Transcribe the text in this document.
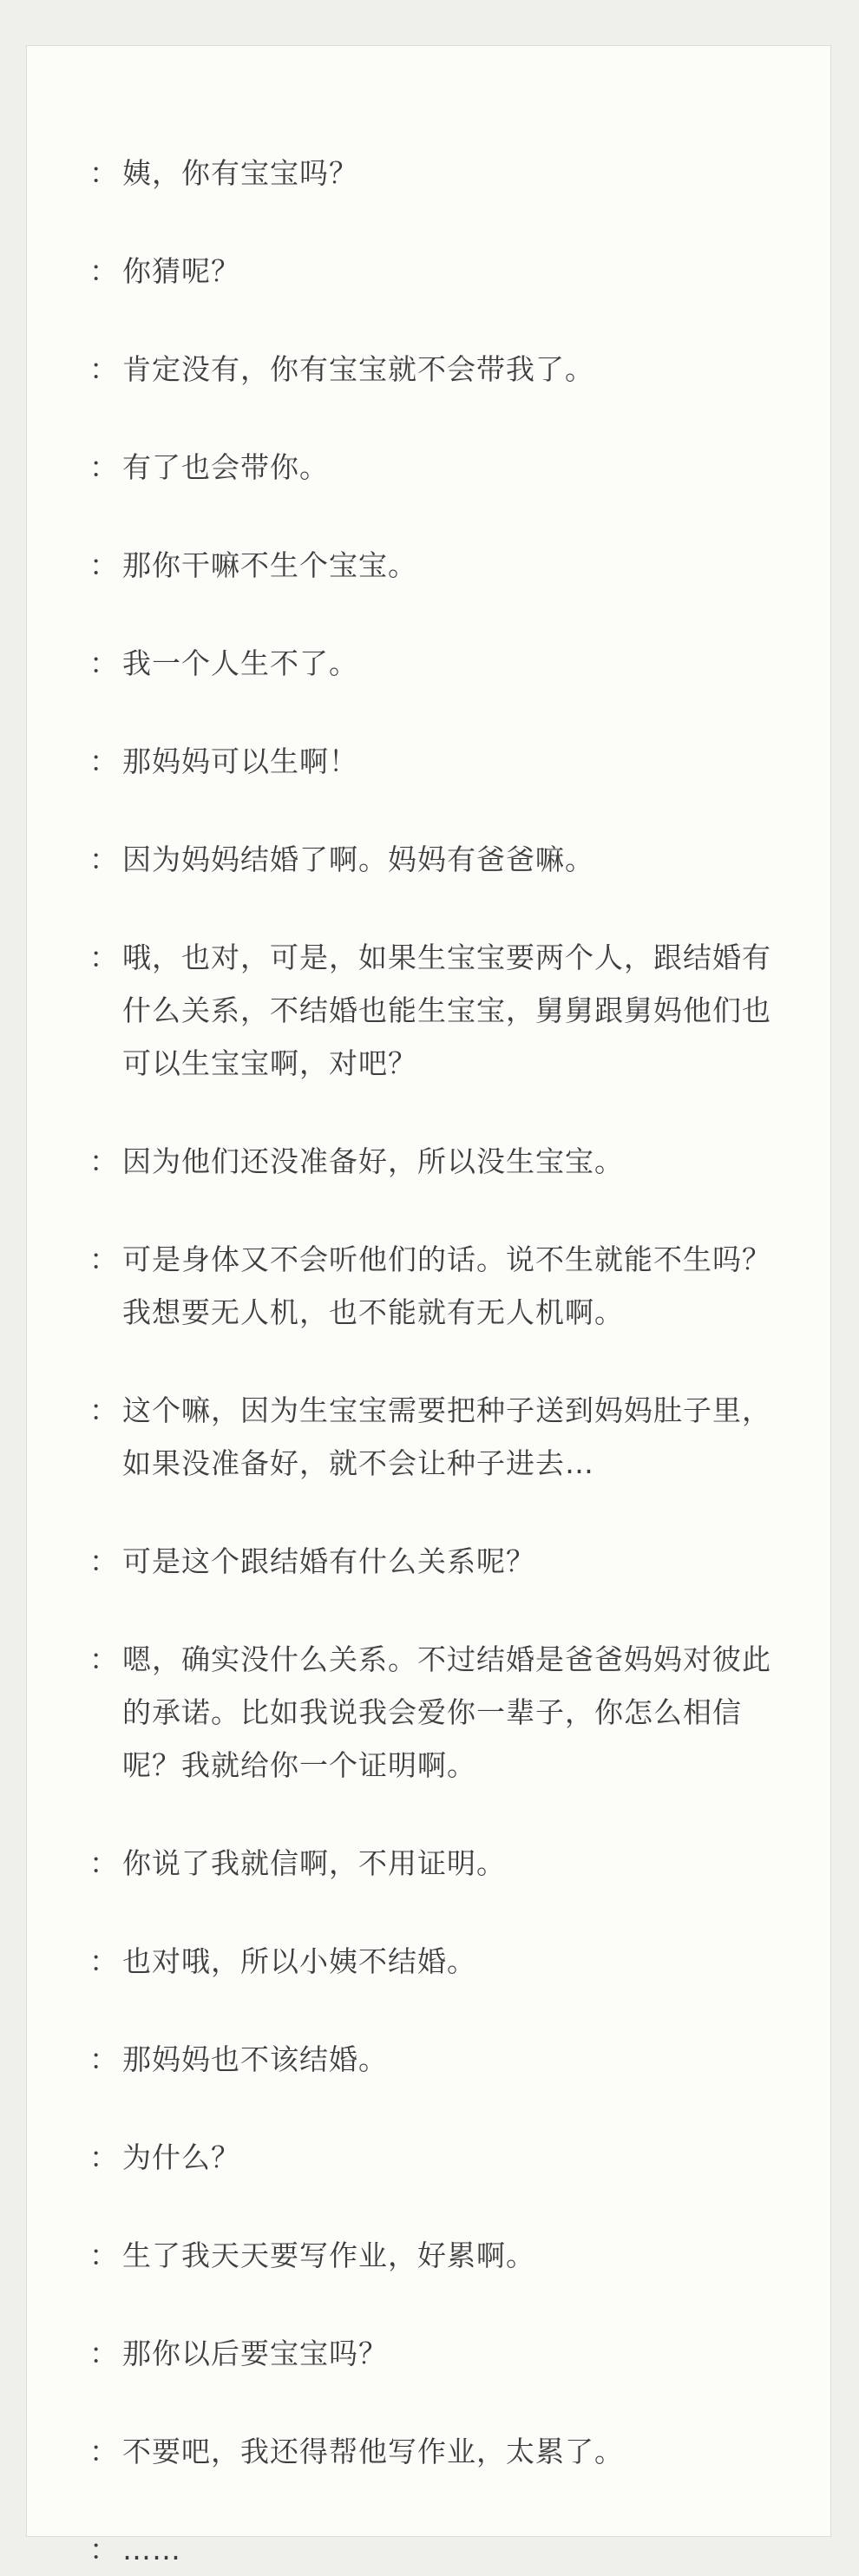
： 姨，你有宝宝吗？
： 你猜呢？
： 肯定没有，你有宝宝就不会带我了。
： 有了也会带你。
： 那你干嘛不生个宝宝。
： 我一个人生不了。
： 那妈妈可以生啊！
： 因为妈妈结婚了啊。妈妈有爸爸嘛。
： 哦，也对，可是，如果生宝宝要两个人，跟结婚有什么关系，不结婚也能生宝宝，舅舅跟舅妈他们也可以生宝宝啊，对吧？
： 因为他们还没准备好，所以没生宝宝。
： 可是身体又不会听他们的话。说不生就能不生吗？我想要无人机，也不能就有无人机啊。
： 这个嘛，因为生宝宝需要把种子送到妈妈肚子里，如果没准备好，就不会让种子进去…
： 可是这个跟结婚有什么关系呢？
： 嗯，确实没什么关系。不过结婚是爸爸妈妈对彼此的承诺。比如我说我会爱你一辈子，你怎么相信呢？我就给你一个证明啊。
： 你说了我就信啊，不用证明。
： 也对哦，所以小姨不结婚。
： 那妈妈也不该结婚。
： 为什么？
： 生了我天天要写作业，好累啊。
： 那你以后要宝宝吗？
： 不要吧，我还得帮他写作业，太累了。
： ……
